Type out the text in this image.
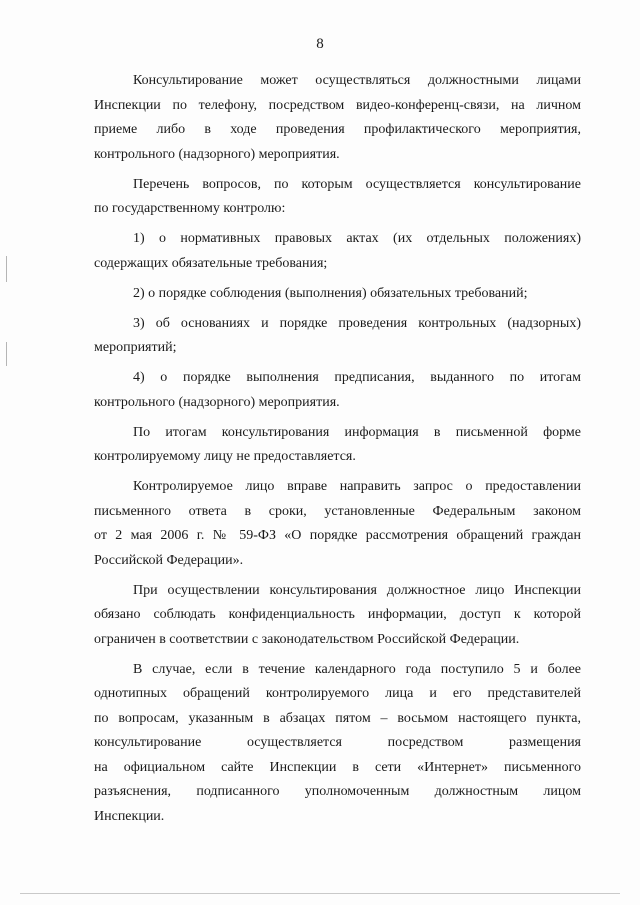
8

Консультирование может осуществляться должностными лицами
Инспекции по телефону, посредством видео-конференц-связи, на личном
приеме либо в ходе проведения профилактического мероприятия,
контрольного (надзорного) мероприятия.

Перечень вопросов, по которым осуществляется консультирование
по государственному контролю:

1) о нормативных правовых актах (их отдельных положениях)
содержащих обязательные требования;

2) о порядке соблюдения (выполнения) обязательных требований;

3) об основаниях и порядке проведения контрольных (надзорных)
мероприятий;

4) о порядке выполнения предписания, выданного по итогам
контрольного (надзорного) мероприятия.

По итогам консультирования информация в письменной форме
контролируемому лицу не предоставляется.

Контролируемое лицо вправе направить запрос о предоставлении
письменного ответа в сроки, установленные Федеральным законом
от 2 мая 2006 г. № 59-ФЗ «О порядке рассмотрения обращений граждан
Российской Федерации».

При осуществлении консультирования должностное лицо Инспекции
обязано соблюдать конфиденциальность информации, доступ к которой
ограничен в соответствии с законодательством Российской Федерации.

В случае, если в течение календарного года поступило 5 и более
однотипных обращений контролируемого лица и его представителей
по вопросам, указанным в абзацах пятом – восьмом настоящего пункта,
консультирование осуществляется посредством размещения
на официальном сайте Инспекции в сети «Интернет» письменного
разъяснения, подписанного уполномоченным должностным лицом
Инспекции.
